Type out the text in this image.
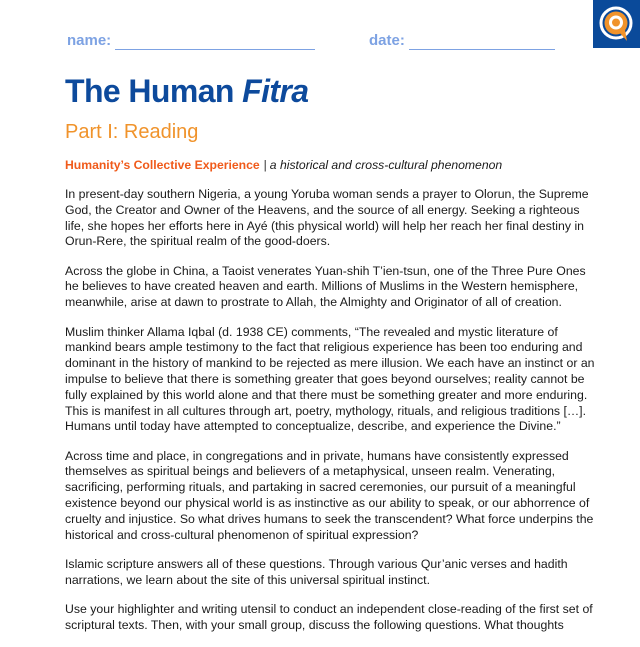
name:	date:
The Human Fitra
Part I: Reading
Humanity’s Collective Experience | a historical and cross-cultural phenomenon

In present-day southern Nigeria, a young Yoruba woman sends a prayer to Olorun, the Supreme God, the Creator and Owner of the Heavens, and the source of all energy. Seeking a righteous life, she hopes her efforts here in Ayé (this physical world) will help her reach her final destiny in Orun-Rere, the spiritual realm of the good-doers.

Across the globe in China, a Taoist venerates Yuan-shih T’ien-tsun, one of the Three Pure Ones he believes to have created heaven and earth. Millions of Muslims in the Western hemisphere, meanwhile, arise at dawn to prostrate to Allah, the Almighty and Originator of all of creation.

Muslim thinker Allama Iqbal (d. 1938 CE) comments, “The revealed and mystic literature of mankind bears ample testimony to the fact that religious experience has been too enduring and dominant in the history of mankind to be rejected as mere illusion. We each have an instinct or an impulse to believe that there is something greater that goes beyond ourselves; reality cannot be fully explained by this world alone and that there must be something greater and more enduring. This is manifest in all cultures through art, poetry, mythology, rituals, and religious traditions […]. Humans until today have attempted to conceptualize, describe, and experience the Divine.”

Across time and place, in congregations and in private, humans have consistently expressed themselves as spiritual beings and believers of a metaphysical, unseen realm. Venerating, sacrificing, performing rituals, and partaking in sacred ceremonies, our pursuit of a meaningful existence beyond our physical world is as instinctive as our ability to speak, or our abhorrence of cruelty and injustice. So what drives humans to seek the transcendent? What force underpins the historical and cross-cultural phenomenon of spiritual expression?

Islamic scripture answers all of these questions. Through various Qur’anic verses and hadith narrations, we learn about the site of this universal spiritual instinct.

Use your highlighter and writing utensil to conduct an independent close-reading of the first set of scriptural texts. Then, with your small group, discuss the following questions. What thoughts
